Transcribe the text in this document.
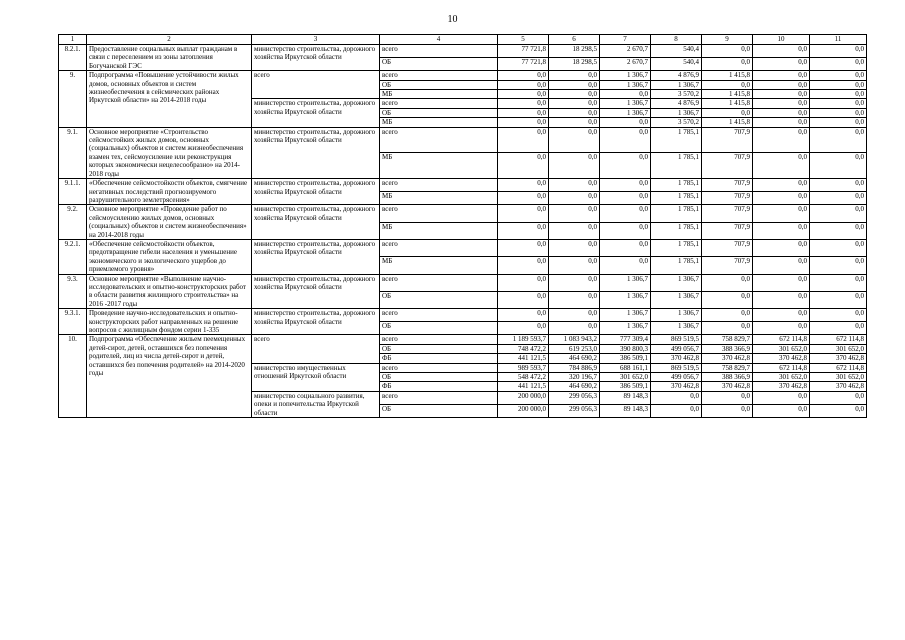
10
1	2	3	4	5	6	7	8	9	10	11
8.2.1.	Предоставление социальных выплат гражданам в связи с переселением из зоны затопления Богучанской ГЭС	министерство строительства, дорожного хозяйства Иркутской области	всего	77 721,8	18 298,5	2 670,7	540,4	0,0	0,0	0,0
			ОБ	77 721,8	18 298,5	2 670,7	540,4	0,0	0,0	0,0
9.	Подпрограмма «Повышение устойчивости жилых домов, основных объектов и систем жизнеобеспечения в сейсмических районах Иркутской области» на 2014-2018 годы	всего	всего	0,0	0,0	1 306,7	4 876,9	1 415,8	0,0	0,0
			ОБ	0,0	0,0	1 306,7	1 306,7	0,0	0,0	0,0
			МБ	0,0	0,0	0,0	3 570,2	1 415,8	0,0	0,0
		министерство строительства, дорожного хозяйства Иркутской области	всего	0,0	0,0	1 306,7	4 876,9	1 415,8	0,0	0,0
			ОБ	0,0	0,0	1 306,7	1 306,7	0,0	0,0	0,0
			МБ	0,0	0,0	0,0	3 570,2	1 415,8	0,0	0,0
9.1.	Основное мероприятие «Строительство сейсмостойких жилых домов, основных (социальных) объектов и систем жизнеобеспечения взамен тех, сейсмоусиление или реконструкция которых экономически нецелесообразно» на 2014-2018 годы	министерство строительства, дорожного хозяйства Иркутской области	всего	0,0	0,0	0,0	1 785,1	707,9	0,0	0,0
			МБ	0,0	0,0	0,0	1 785,1	707,9	0,0	0,0
9.1.1.	«Обеспечение сейсмостойкости объектов, смягчение негативных последствий прогнозируемого разрушительного землетрясения»	министерство строительства, дорожного хозяйства Иркутской области	всего	0,0	0,0	0,0	1 785,1	707,9	0,0	0,0
			МБ	0,0	0,0	0,0	1 785,1	707,9	0,0	0,0
9.2.	Основное мероприятие «Проведение работ по сейсмоусилению жилых домов, основных (социальных) объектов и систем жизнеобеспечения» на 2014-2018 годы	министерство строительства, дорожного хозяйства Иркутской области	всего	0,0	0,0	0,0	1 785,1	707,9	0,0	0,0
			МБ	0,0	0,0	0,0	1 785,1	707,9	0,0	0,0
9.2.1.	«Обеспечение сейсмостойкости объектов, предотвращение гибели населения и уменьшение экономического и экологического ущербов до приемлемого уровня»	министерство строительства, дорожного хозяйства Иркутской области	всего	0,0	0,0	0,0	1 785,1	707,9	0,0	0,0
			МБ	0,0	0,0	0,0	1 785,1	707,9	0,0	0,0
9.3.	Основное мероприятие «Выполнение научно-исследовательских и опытно-конструкторских работ в области развития жилищного строительства» на 2016 -2017 годы	министерство строительства, дорожного хозяйства Иркутской области	всего	0,0	0,0	1 306,7	1 306,7	0,0	0,0	0,0
			ОБ	0,0	0,0	1 306,7	1 306,7	0,0	0,0	0,0
9.3.1.	Проведение научно-исследовательских и опытно-конструкторских работ направленных на решение вопросов с жилищным фондом серии 1-335	министерство строительства, дорожного хозяйства Иркутской области	всего	0,0	0,0	1 306,7	1 306,7	0,0	0,0	0,0
			ОБ	0,0	0,0	1 306,7	1 306,7	0,0	0,0	0,0
10.	Подпрограмма «Обеспечение жильем пеемещенных детей-сирот, детей, оставшихся без попечения родителей, лиц из числа детей-сирот и детей, оставшихся без попечения родителей» на 2014-2020 годы	всего	всего	1 189 593,7	1 083 943,2	777 309,4	869 519,5	758 829,7	672 114,8	672 114,8
			ОБ	748 472,2	619 253,0	390 800,3	499 056,7	388 366,9	301 652,0	301 652,0
			ФБ	441 121,5	464 690,2	386 509,1	370 462,8	370 462,8	370 462,8	370 462,8
		министерство имущественных отношений Иркутской области	всего	989 593,7	784 886,9	688 161,1	869 519,5	758 829,7	672 114,8	672 114,8
			ОБ	548 472,2	320 196,7	301 652,0	499 056,7	388 366,9	301 652,0	301 652,0
			ФБ	441 121,5	464 690,2	386 509,1	370 462,8	370 462,8	370 462,8	370 462,8
		министерство социального развития, опеки и попечительства Иркутской области	всего	200 000,0	299 056,3	89 148,3	0,0	0,0	0,0	0,0
			ОБ	200 000,0	299 056,3	89 148,3	0,0	0,0	0,0	0,0
